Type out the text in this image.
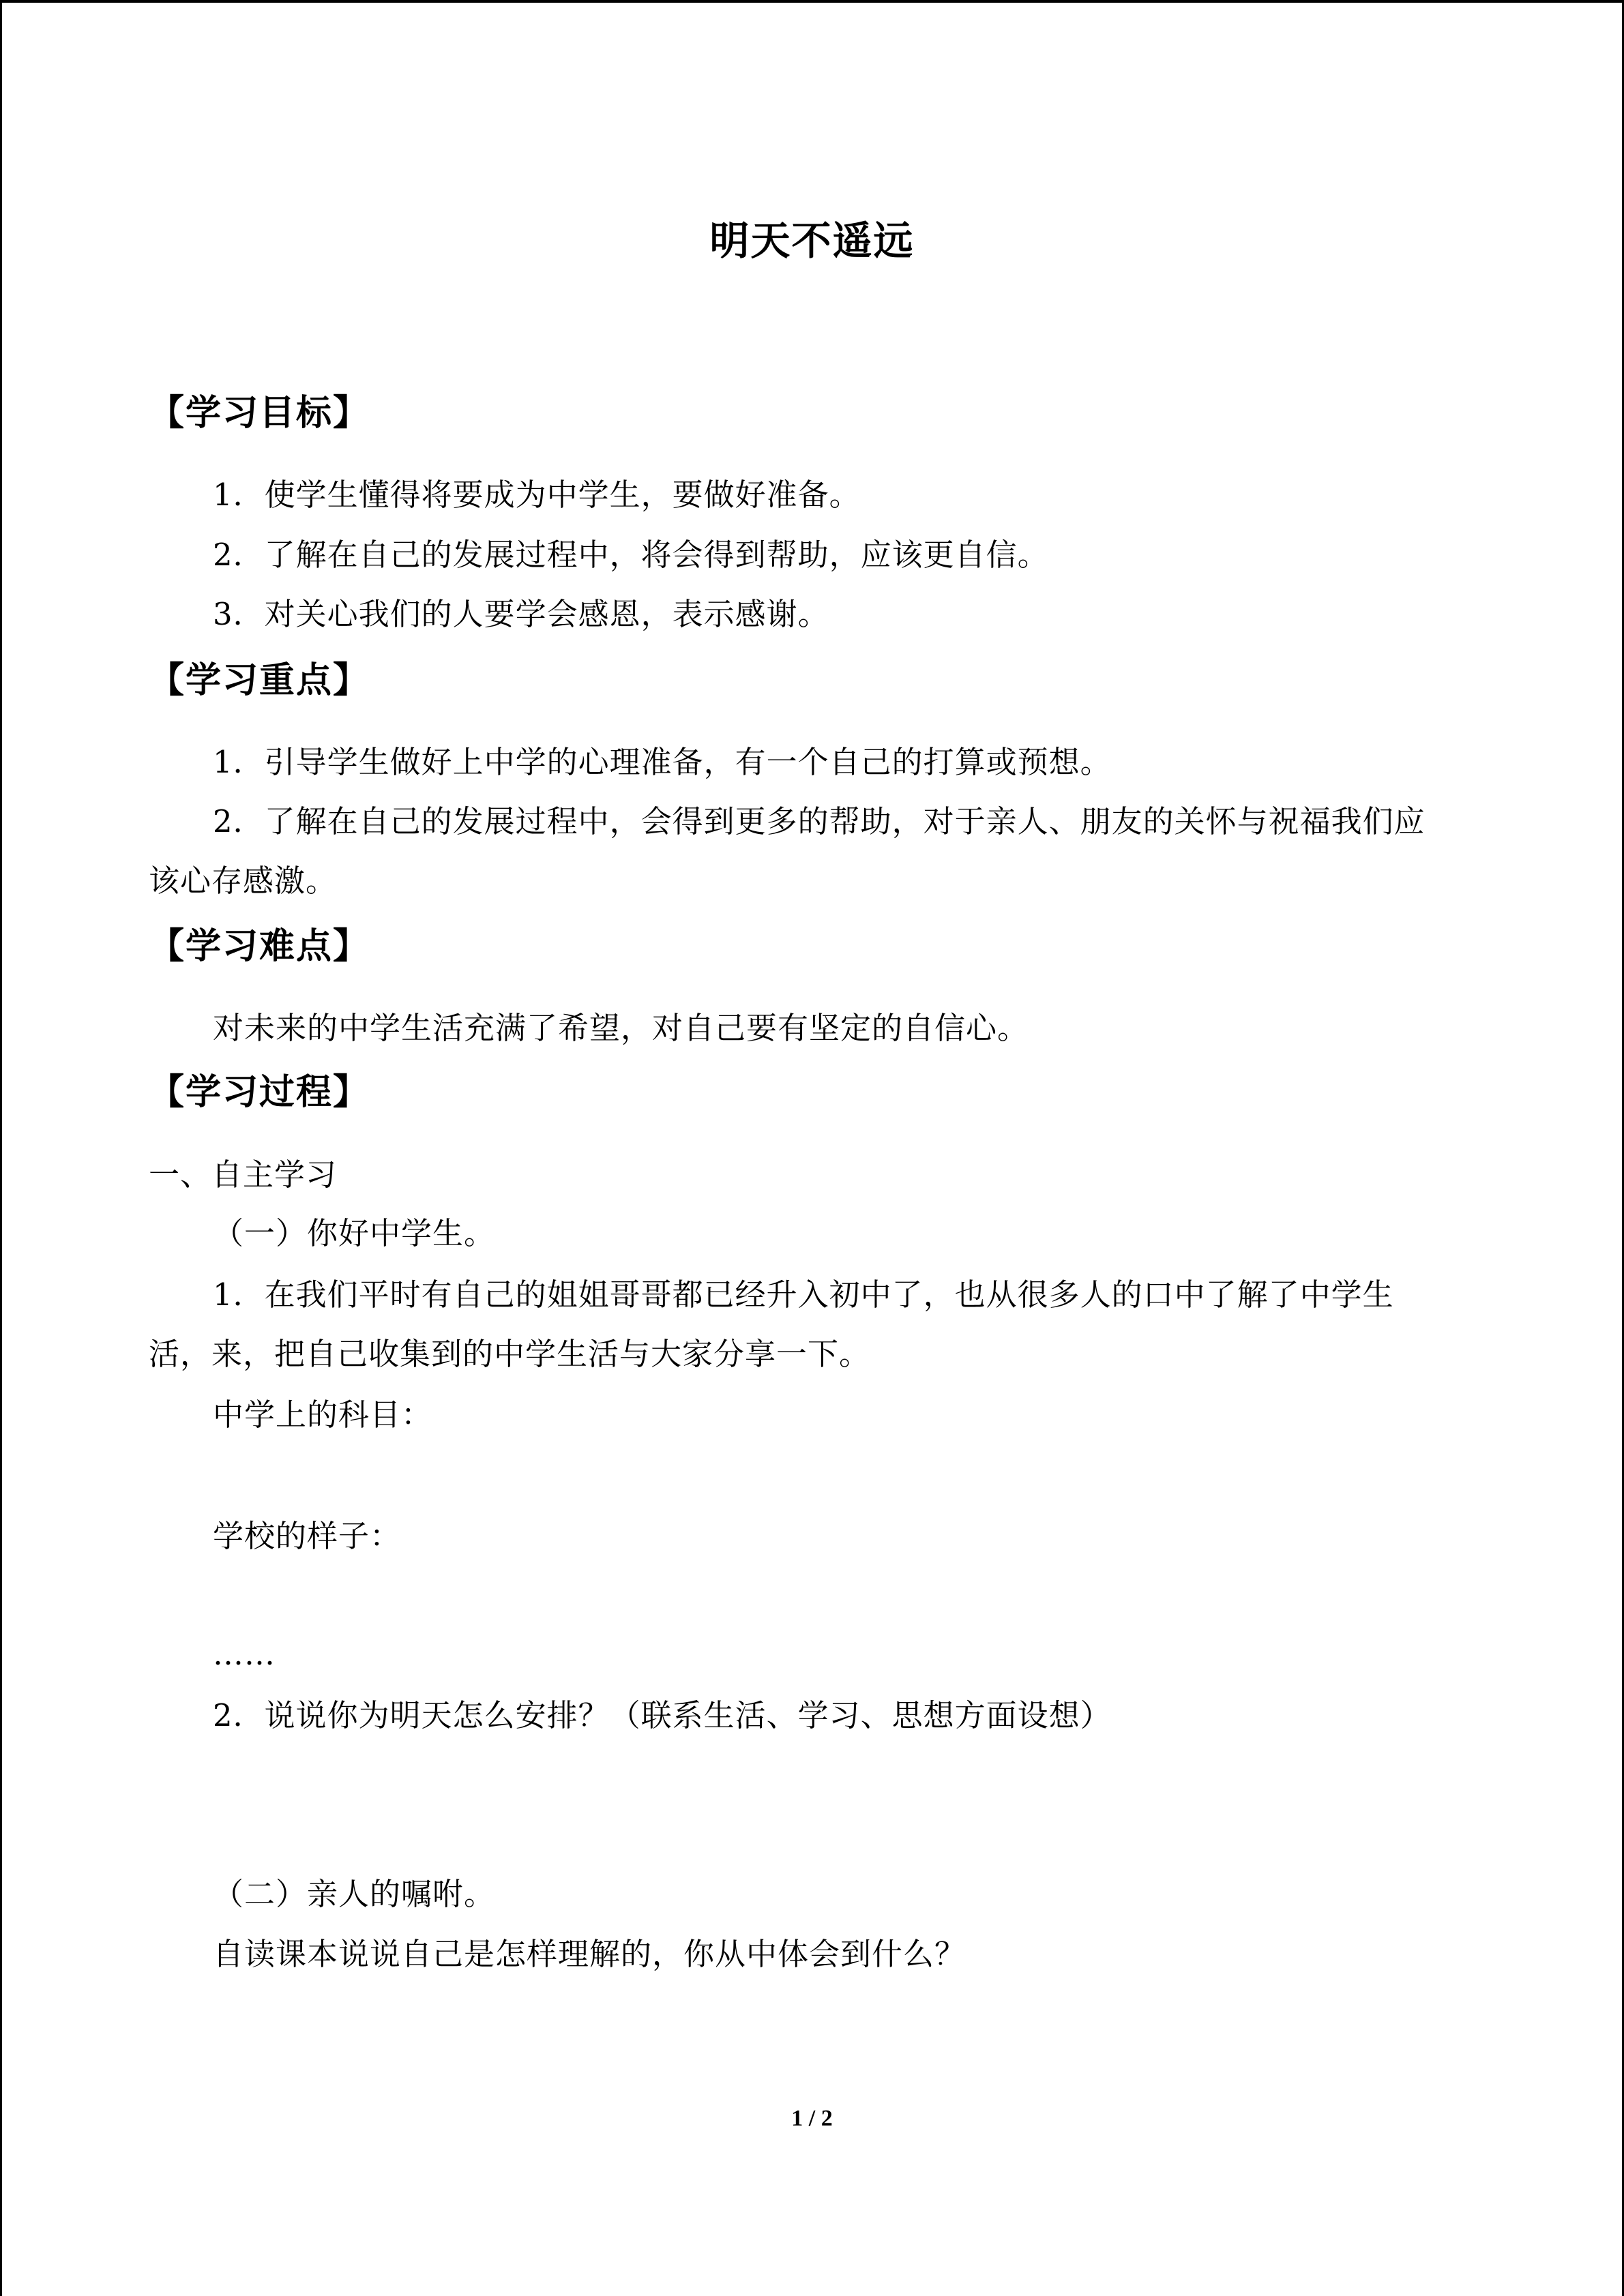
明天不遥远
【学习目标】
1．使学生懂得将要成为中学生，要做好准备。
2．了解在自己的发展过程中，将会得到帮助，应该更自信。
3．对关心我们的人要学会感恩，表示感谢。
【学习重点】
1．引导学生做好上中学的心理准备，有一个自己的打算或预想。
2．了解在自己的发展过程中，会得到更多的帮助，对于亲人、朋友的关怀与祝福我们应
该心存感激。
【学习难点】
对未来的中学生活充满了希望，对自己要有坚定的自信心。
【学习过程】
一、自主学习
（一）你好中学生。
1．在我们平时有自己的姐姐哥哥都已经升入初中了，也从很多人的口中了解了中学生
活，来，把自己收集到的中学生活与大家分享一下。
中学上的科目：
学校的样子：
……
2．说说你为明天怎么安排？（联系生活、学习、思想方面设想）
（二）亲人的嘱咐。
自读课本说说自己是怎样理解的，你从中体会到什么？
1 / 2
